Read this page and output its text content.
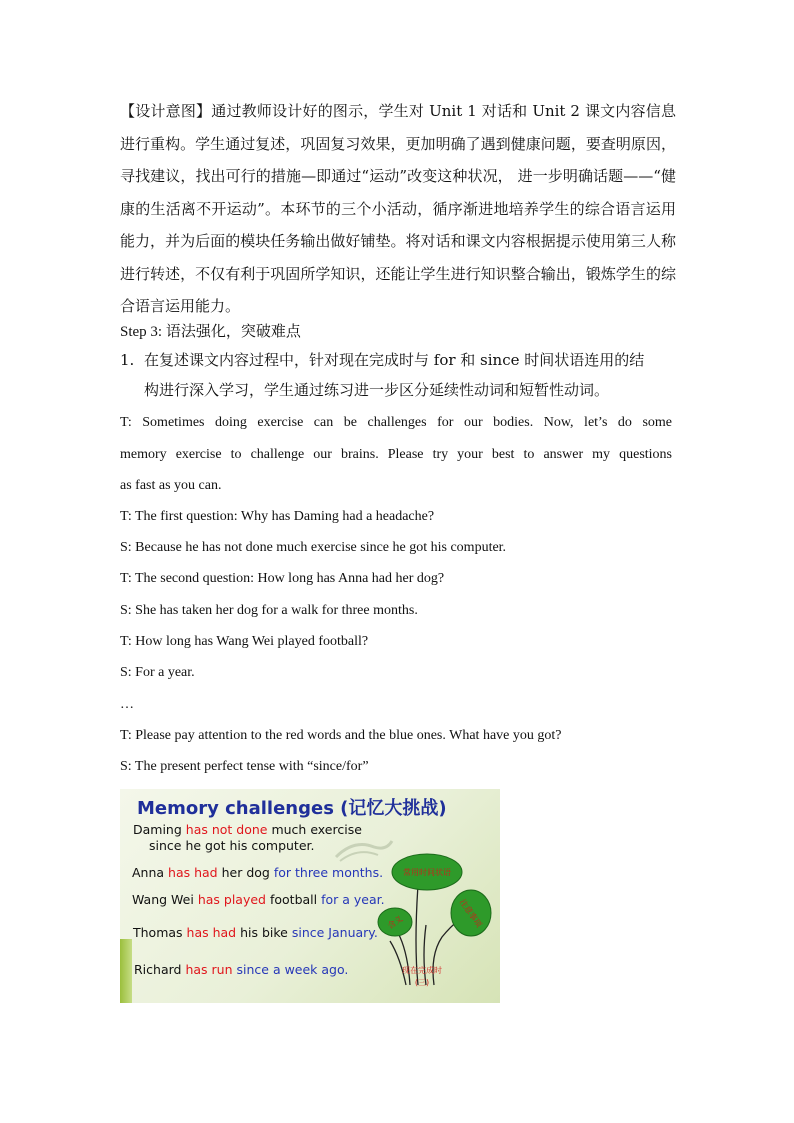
【设计意图】通过教师设计好的图示，学生对 Unit 1 对话和 Unit 2 课文内容信息进行重构。学生通过复述，巩固复习效果，更加明确了遇到健康问题，要查明原因，寻找建议，找出可行的措施—即通过“运动”改变这种状况， 进一步明确话题——“健康的生活离不开运动”。本环节的三个小活动，循序渐进地培养学生的综合语言运用能力，并为后面的模块任务输出做好铺垫。将对话和课文内容根据提示使用第三人称进行转述，不仅有利于巩固所学知识，还能让学生进行知识整合输出，锻炼学生的综合语言运用能力。
Step 3: 语法强化，突破难点
1. 在复述课文内容过程中，针对现在完成时与 for 和 since 时间状语连用的结
构进行深入学习，学生通过练习进一步区分延续性动词和短暂性动词。
T: Sometimes doing exercise can be challenges for our bodies. Now, let’s do some
memory exercise to challenge our brains. Please try your best to answer my questions
as fast as you can.
T: The first question: Why has Daming had a headache?
S: Because he has not done much exercise since he got his computer.
T: The second question: How long has Anna had her dog?
S: She has taken her dog for a walk for three months.
T: How long has Wang Wei played football?
S: For a year.
…
T: Please pay attention to the red words and the blue ones. What have you got?
S: The present perfect tense with “since/for”
Memory challenges (记忆大挑战)
Daming has not done much exercise
since he got his computer.
Anna has had her dog for three months.
Wang Wei has played football for a year.
Thomas has had his bike since January.
Richard has run since a week ago.
常用时间状语
含义	注意事项
现在完成时
(三)
